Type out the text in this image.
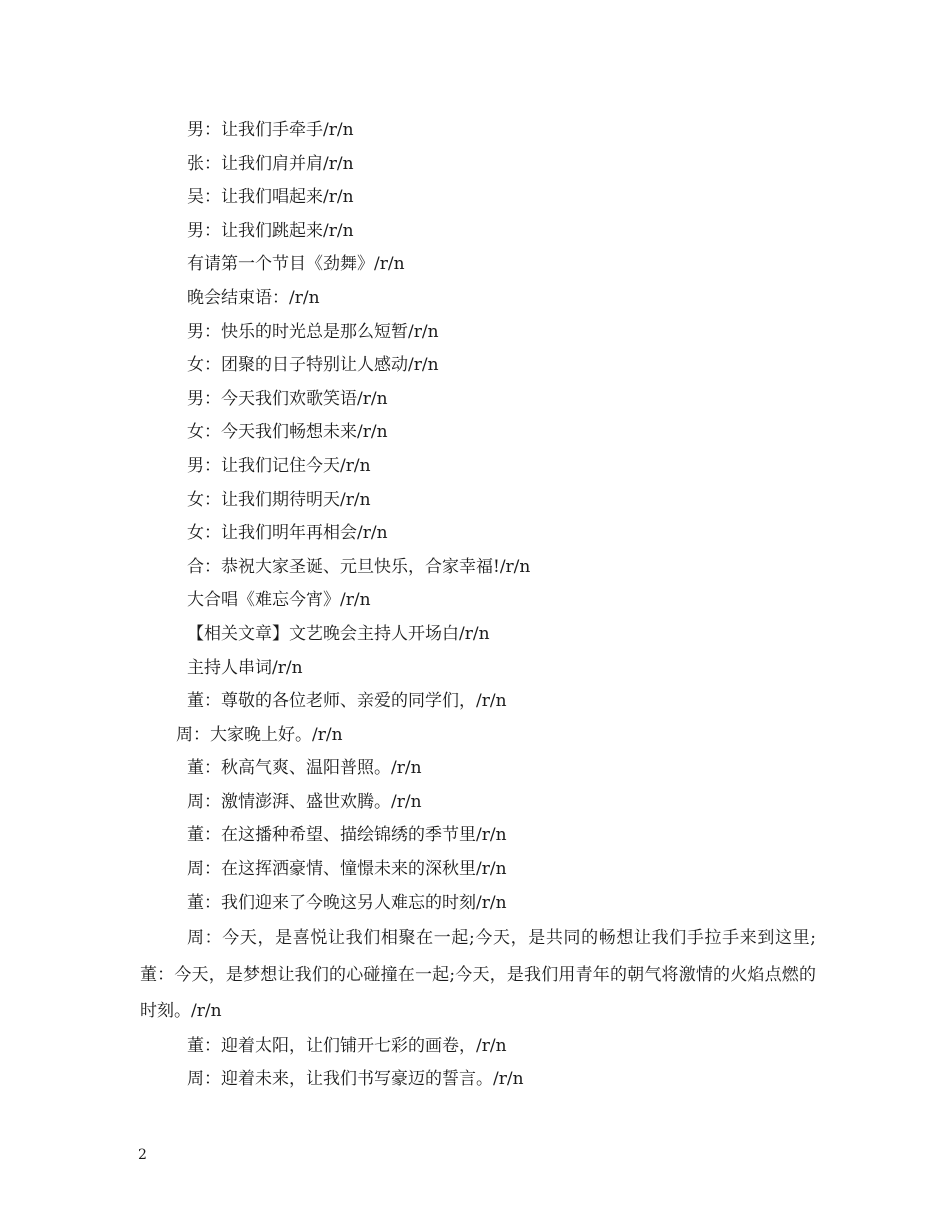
男：让我们手牵手/r/n
张：让我们肩并肩/r/n
吴：让我们唱起来/r/n
男：让我们跳起来/r/n
有请第一个节目《劲舞》/r/n
晚会结束语：/r/n
男：快乐的时光总是那么短暂/r/n
女：团聚的日子特别让人感动/r/n
男：今天我们欢歌笑语/r/n
女：今天我们畅想未来/r/n
男：让我们记住今天/r/n
女：让我们期待明天/r/n
女：让我们明年再相会/r/n
合：恭祝大家圣诞、元旦快乐，合家幸福!/r/n
大合唱《难忘今宵》/r/n
【相关文章】文艺晚会主持人开场白/r/n
主持人串词/r/n
董：尊敬的各位老师、亲爱的同学们，/r/n
周：大家晚上好。/r/n
董：秋高气爽、温阳普照。/r/n
周：激情澎湃、盛世欢腾。/r/n
董：在这播种希望、描绘锦绣的季节里/r/n
周：在这挥洒豪情、憧憬未来的深秋里/r/n
董：我们迎来了今晚这另人难忘的时刻/r/n

周：今天，是喜悦让我们相聚在一起;今天，是共同的畅想让我们手拉手来到这里; 董：今天，是梦想让我们的心碰撞在一起;今天，是我们用青年的朝气将激情的火焰点燃的时刻。/r/n

董：迎着太阳，让们铺开七彩的画卷，/r/n
周：迎着未来，让我们书写豪迈的誓言。/r/n
2
